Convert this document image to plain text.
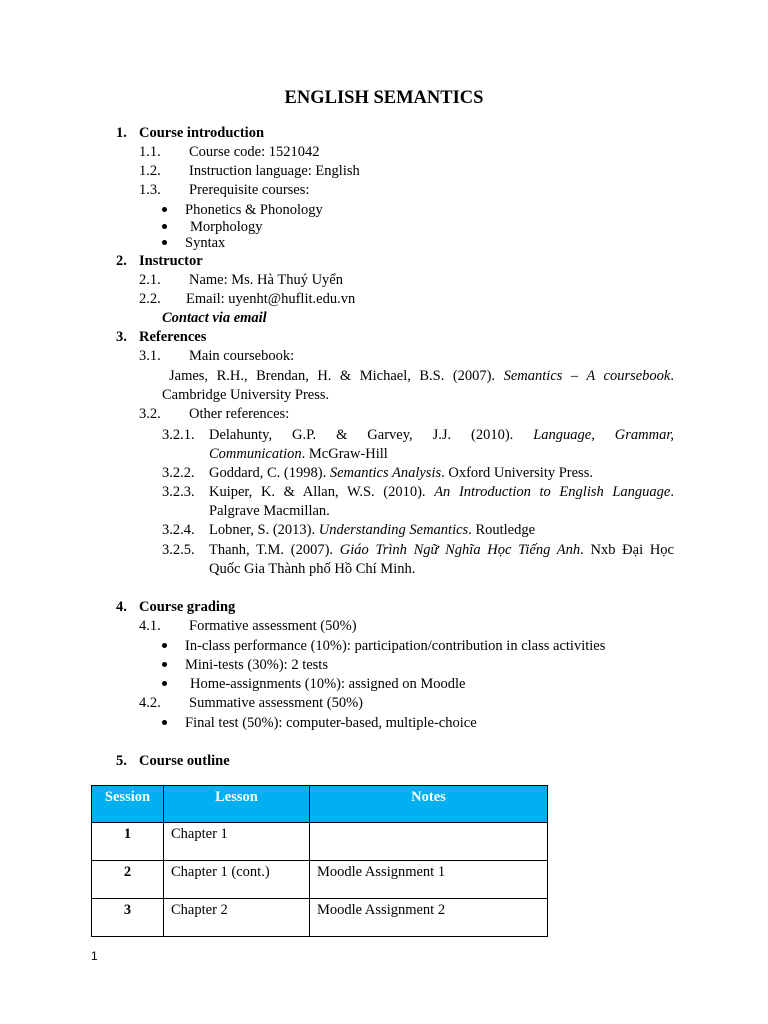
ENGLISH SEMANTICS
1. Course introduction
1.1. Course code: 1521042
1.2. Instruction language: English
1.3. Prerequisite courses:
Phonetics & Phonology
Morphology
Syntax
2. Instructor
2.1. Name: Ms. Hà Thuý Uyển
2.2. Email: uyenht@huflit.edu.vn
Contact via email
3. References
3.1. Main coursebook:
James, R.H., Brendan, H. & Michael, B.S. (2007). Semantics – A coursebook.
Cambridge University Press.
3.2. Other references:
3.2.1. Delahunty, G.P. & Garvey, J.J. (2010). Language, Grammar,
Communication. McGraw-Hill
3.2.2. Goddard, C. (1998). Semantics Analysis. Oxford University Press.
3.2.3. Kuiper, K. & Allan, W.S. (2010). An Introduction to English Language.
Palgrave Macmillan.
3.2.4. Lobner, S. (2013). Understanding Semantics. Routledge
3.2.5. Thanh, T.M. (2007). Giáo Trình Ngữ Nghĩa Học Tiếng Anh. Nxb Đại Học
Quốc Gia Thành phố Hồ Chí Minh.
4. Course grading
4.1. Formative assessment (50%)
In-class performance (10%): participation/contribution in class activities
Mini-tests (30%): 2 tests
Home-assignments (10%): assigned on Moodle
4.2. Summative assessment (50%)
Final test (50%): computer-based, multiple-choice
5. Course outline
Session	Lesson	Notes
1	Chapter 1	
2	Chapter 1 (cont.)	Moodle Assignment 1
3	Chapter 2	Moodle Assignment 2
1
